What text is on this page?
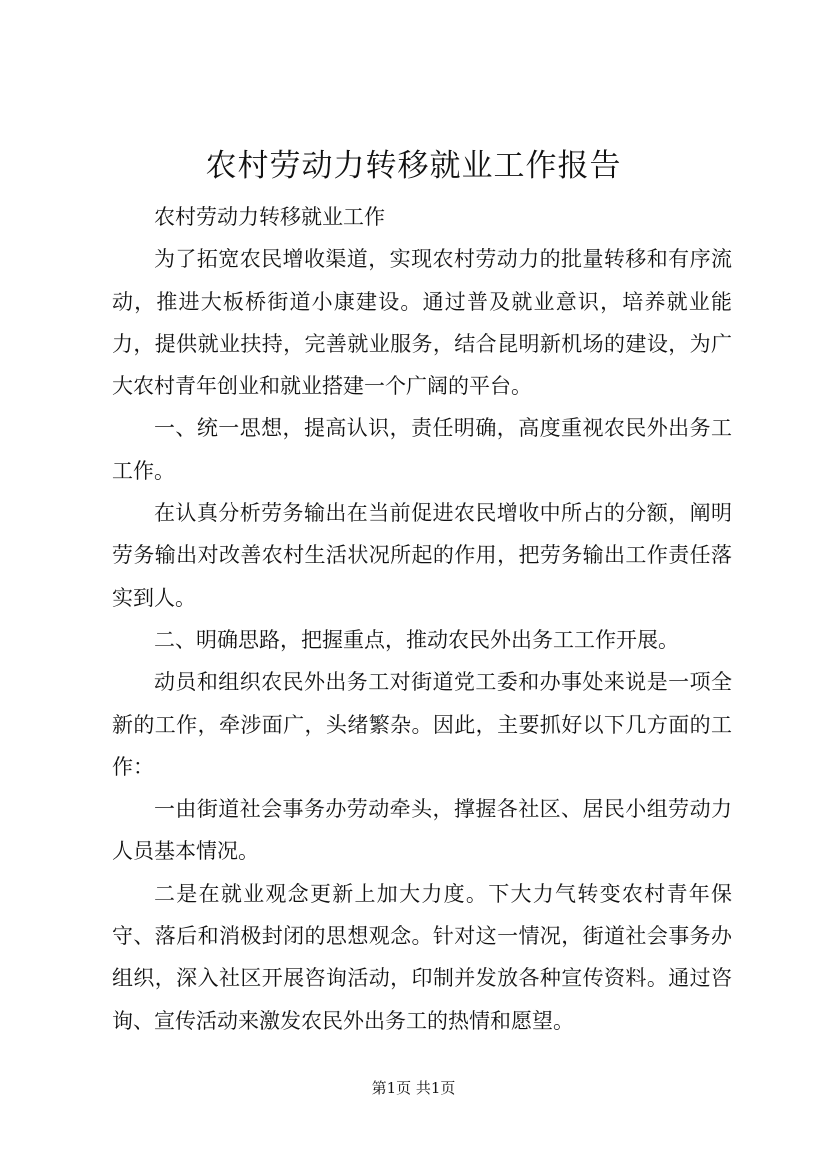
农村劳动力转移就业工作报告

农村劳动力转移就业工作

为了拓宽农民增收渠道，实现农村劳动力的批量转移和有序流动，推进大板桥街道小康建设。通过普及就业意识，培养就业能力，提供就业扶持，完善就业服务，结合昆明新机场的建设，为广大农村青年创业和就业搭建一个广阔的平台。

一、统一思想，提高认识，责任明确，高度重视农民外出务工工作。

在认真分析劳务输出在当前促进农民增收中所占的分额，阐明劳务输出对改善农村生活状况所起的作用，把劳务输出工作责任落实到人。

二、明确思路，把握重点，推动农民外出务工工作开展。

动员和组织农民外出务工对街道党工委和办事处来说是一项全新的工作，牵涉面广，头绪繁杂。因此，主要抓好以下几方面的工作：

一由街道社会事务办劳动牵头，撑握各社区、居民小组劳动力人员基本情况。

二是在就业观念更新上加大力度。下大力气转变农村青年保守、落后和消极封闭的思想观念。针对这一情况，街道社会事务办组织，深入社区开展咨询活动，印制并发放各种宣传资料。通过咨询、宣传活动来激发农民外出务工的热情和愿望。

第1页 共1页
